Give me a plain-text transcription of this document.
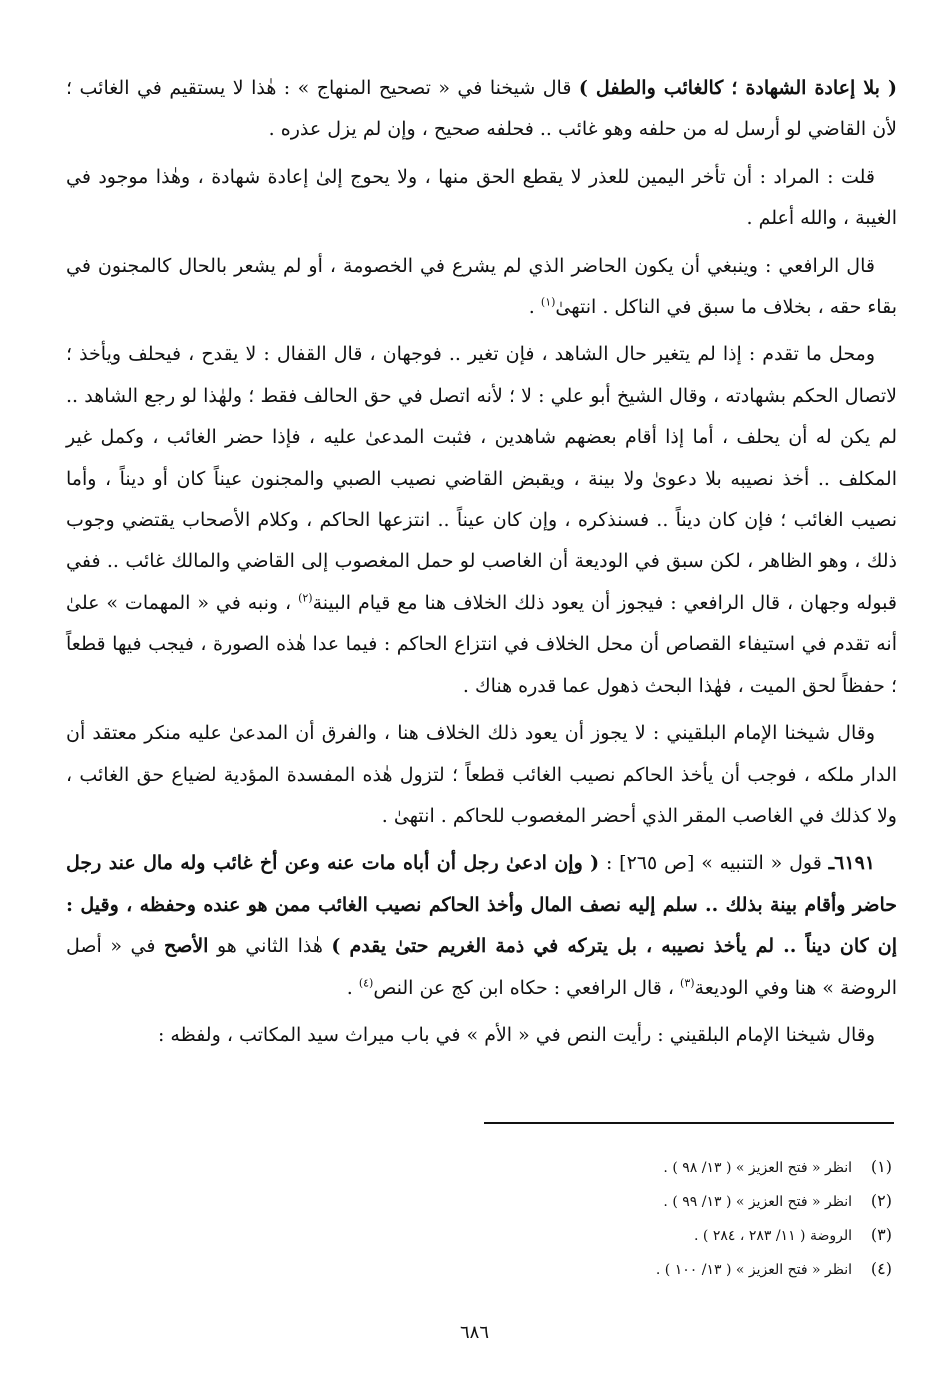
( بلا إعادة الشهادة ؛ كالغائب والطفل ) قال شيخنا في « تصحيح المنهاج » : هٰذا لا يستقيم في الغائب ؛ لأن القاضي لو أرسل له من حلفه وهو غائب .. فحلفه صحيح ، وإن لم يزل عذره .

قلت : المراد : أن تأخر اليمين للعذر لا يقطع الحق منها ، ولا يحوج إلىٰ إعادة شهادة ، وهٰذا موجود في الغيبة ، والله أعلم .

قال الرافعي : وينبغي أن يكون الحاضر الذي لم يشرع في الخصومة ، أو لم يشعر بالحال كالمجنون في بقاء حقه ، بخلاف ما سبق في الناكل . انتهىٰ$^{(١)}$ .

ومحل ما تقدم : إذا لم يتغير حال الشاهد ، فإن تغير .. فوجهان ، قال القفال : لا يقدح ، فيحلف ويأخذ ؛ لاتصال الحكم بشهادته ، وقال الشيخ أبو علي : لا ؛ لأنه اتصل في حق الحالف فقط ؛ ولهٰذا لو رجع الشاهد .. لم يكن له أن يحلف ، أما إذا أقام بعضهم شاهدين ، فثبت المدعىٰ عليه ، فإذا حضر الغائب ، وكمل غير المكلف .. أخذ نصيبه بلا دعوىٰ ولا بينة ، ويقبض القاضي نصيب الصبي والمجنون عيناً كان أو ديناً ، وأما نصيب الغائب ؛ فإن كان ديناً .. فسنذكره ، وإن كان عيناً .. انتزعها الحاكم ، وكلام الأصحاب يقتضي وجوب ذلك ، وهو الظاهر ، لكن سبق في الوديعة أن الغاصب لو حمل المغصوب إلى القاضي والمالك غائب .. ففي قبوله وجهان ، قال الرافعي : فيجوز أن يعود ذلك الخلاف هنا مع قيام البينة$^{(٢)}$ ، ونبه في « المهمات » علىٰ أنه تقدم في استيفاء القصاص أن محل الخلاف في انتزاع الحاكم : فيما عدا هٰذه الصورة ، فيجب فيها قطعاً ؛ حفظاً لحق الميت ، فهٰذا البحث ذهول عما قدره هناك .

وقال شيخنا الإمام البلقيني : لا يجوز أن يعود ذلك الخلاف هنا ، والفرق أن المدعىٰ عليه منكر معتقد أن الدار ملكه ، فوجب أن يأخذ الحاكم نصيب الغائب قطعاً ؛ لتزول هٰذه المفسدة المؤدية لضياع حق الغائب ، ولا كذلك في الغاصب المقر الذي أحضر المغصوب للحاكم . انتهىٰ .

٦١٩١ـ قول « التنبيه » [ص ٢٦٥] : ( وإن ادعىٰ رجل أن أباه مات عنه وعن أخ غائب وله مال عند رجل حاضر وأقام بينة بذلك .. سلم إليه نصف المال وأخذ الحاكم نصيب الغائب ممن هو عنده وحفظه ، وقيل : إن كان ديناً .. لم يأخذ نصيبه ، بل يتركه في ذمة الغريم حتىٰ يقدم ) هٰذا الثاني هو الأصح في « أصل الروضة » هنا وفي الوديعة$^{(٣)}$ ، قال الرافعي : حكاه ابن كج عن النص$^{(٤)}$ .

وقال شيخنا الإمام البلقيني : رأيت النص في « الأم » في باب ميراث سيد المكاتب ، ولفظه :

(١)انظر « فتح العزيز » ( ١٣/ ٩٨ ) .
(٢)انظر « فتح العزيز » ( ١٣/ ٩٩ ) .
(٣)الروضة ( ١١/ ٢٨٣ ، ٢٨٤ ) .
(٤)انظر « فتح العزيز » ( ١٣/ ١٠٠ ) .
٦٨٦
